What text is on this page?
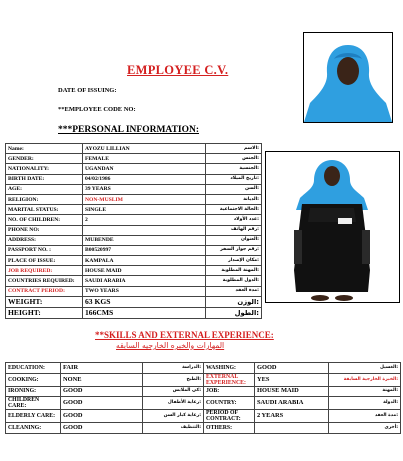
EMPLOYEE C.V.
DATE OF ISSUING:
**EMPLOYEE CODE NO:
***PERSONAL INFORMATION:
Name:	AYOZU LILLIAN	الاسم:
GENDER:	FEMALE	الجنس:
NATIONALITY:	UGANDAN	الجنسية:
BIRTH DATE:	04/02/1986	تاريخ الميلاد:
AGE:	39 YEARS	السن:
RELIGION:	NON-MUSLIM	الديانة:
MARITAL STATUS:	SINGLE	الحالة الاجتماعية:
NO. OF CHILDREN:	2	عدد الأولاد:
PHONE NO:		رقم الهاتف:
ADDRESS:	MUBENDE	العنوان:
PASSPORT NO. :	B00520997	رقم جواز السفر:
PLACE OF ISSUE:	KAMPALA	مكان الإصدار:
JOB REQUIRED:	HOUSE MAID	المهنة المطلوبة:
COUNTRIES REQUIRED:	SAUDI ARABIA	الدول المطلوبة:
CONTRACT PERIOD:	TWO YEARS	مدة العقد:
WEIGHT:	63 KGS	الوزن:
HEIGHT:	166CMS	الطول:
**SKILLS AND EXTERNAL EXPERIENCE:
المهارات والخبره الخارجيه السابقه
EDUCATION:	FAIR	الدراسة:	WASHING:	GOOD	الغسيل:
COOKING:	NONE	الطبخ:	EXTERNAL EXPERIENCE:	YES	الخبرة الخارجية السابقة:
IRONING:	GOOD	كي الملابس:	JOB:	HOUSE MAID	المهنة:
CHILDREN CARE:	GOOD	رعاية الأطفال:	COUNTRY:	SAUDI ARABIA	الدولة:
ELDERLY CARE:	GOOD	رعاية كبار السن:	PERIOD OF CONTRACT:	2 YEARS	مدة العقد:
CLEANING:	GOOD	التنظيف:	OTHERS:		أخرى:
